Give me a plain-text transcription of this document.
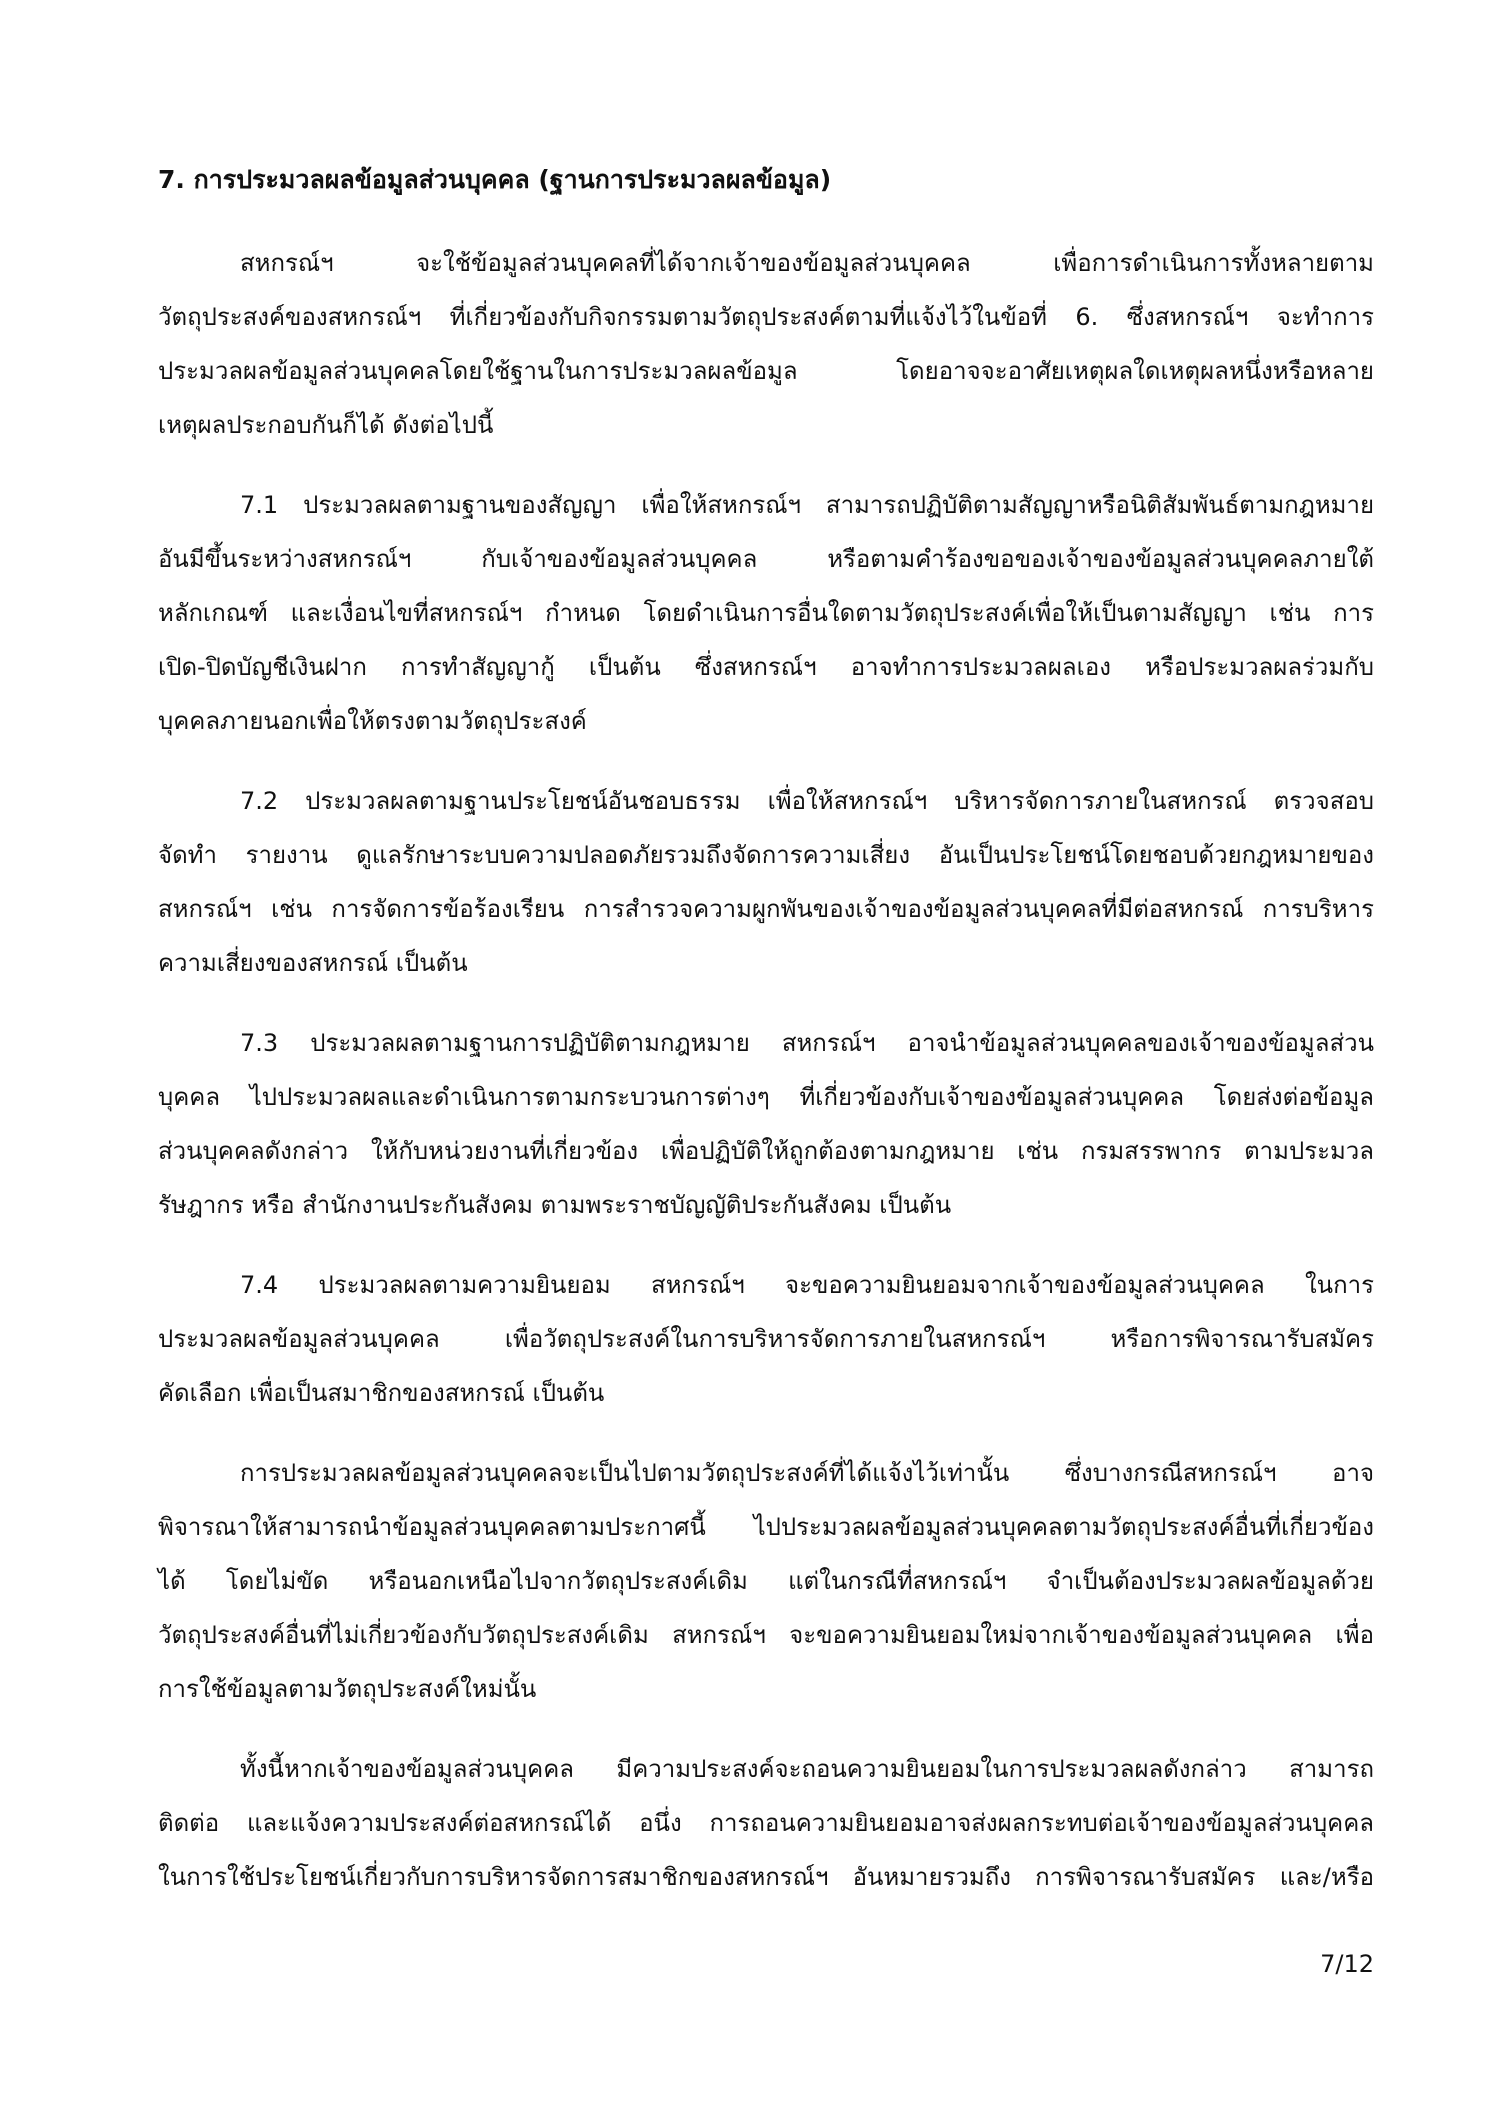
7. การประมวลผลข้อมูลส่วนบุคคล (ฐานการประมวลผลข้อมูล)
สหกรณ์ฯ จะใช้ข้อมูลส่วนบุคคลที่ได้จากเจ้าของข้อมูลส่วนบุคคล เพื่อการดำเนินการทั้งหลายตาม
วัตถุประสงค์ของสหกรณ์ฯ ที่เกี่ยวข้องกับกิจกรรมตามวัตถุประสงค์ตามที่แจ้งไว้ในข้อที่ 6. ซึ่งสหกรณ์ฯ จะทำการ
ประมวลผลข้อมูลส่วนบุคคลโดยใช้ฐานในการประมวลผลข้อมูล โดยอาจจะอาศัยเหตุผลใดเหตุผลหนึ่งหรือหลาย
เหตุผลประกอบกันก็ได้ ดังต่อไปนี้
7.1 ประมวลผลตามฐานของสัญญา เพื่อให้สหกรณ์ฯ สามารถปฏิบัติตามสัญญาหรือนิติสัมพันธ์ตามกฎหมาย
อันมีขึ้นระหว่างสหกรณ์ฯ กับเจ้าของข้อมูลส่วนบุคคล หรือตามคำร้องขอของเจ้าของข้อมูลส่วนบุคคลภายใต้
หลักเกณฑ์ และเงื่อนไขที่สหกรณ์ฯ กำหนด โดยดำเนินการอื่นใดตามวัตถุประสงค์เพื่อให้เป็นตามสัญญา เช่น การ
เปิด-ปิดบัญชีเงินฝาก การทำสัญญากู้ เป็นต้น ซึ่งสหกรณ์ฯ อาจทำการประมวลผลเอง หรือประมวลผลร่วมกับ
บุคคลภายนอกเพื่อให้ตรงตามวัตถุประสงค์
7.2 ประมวลผลตามฐานประโยชน์อันชอบธรรม เพื่อให้สหกรณ์ฯ บริหารจัดการภายในสหกรณ์ ตรวจสอบ
จัดทำ รายงาน ดูแลรักษาระบบความปลอดภัยรวมถึงจัดการความเสี่ยง อันเป็นประโยชน์โดยชอบด้วยกฎหมายของ
สหกรณ์ฯ เช่น การจัดการข้อร้องเรียน การสำรวจความผูกพันของเจ้าของข้อมูลส่วนบุคคลที่มีต่อสหกรณ์ การบริหาร
ความเสี่ยงของสหกรณ์ เป็นต้น
7.3 ประมวลผลตามฐานการปฏิบัติตามกฎหมาย สหกรณ์ฯ อาจนำข้อมูลส่วนบุคคลของเจ้าของข้อมูลส่วน
บุคคล ไปประมวลผลและดำเนินการตามกระบวนการต่างๆ ที่เกี่ยวข้องกับเจ้าของข้อมูลส่วนบุคคล โดยส่งต่อข้อมูล
ส่วนบุคคลดังกล่าว ให้กับหน่วยงานที่เกี่ยวข้อง เพื่อปฏิบัติให้ถูกต้องตามกฎหมาย เช่น กรมสรรพากร ตามประมวล
รัษฎากร หรือ สำนักงานประกันสังคม ตามพระราชบัญญัติประกันสังคม เป็นต้น
7.4 ประมวลผลตามความยินยอม สหกรณ์ฯ จะขอความยินยอมจากเจ้าของข้อมูลส่วนบุคคล ในการ
ประมวลผลข้อมูลส่วนบุคคล เพื่อวัตถุประสงค์ในการบริหารจัดการภายในสหกรณ์ฯ หรือการพิจารณารับสมัคร
คัดเลือก เพื่อเป็นสมาชิกของสหกรณ์ เป็นต้น
การประมวลผลข้อมูลส่วนบุคคลจะเป็นไปตามวัตถุประสงค์ที่ได้แจ้งไว้เท่านั้น ซึ่งบางกรณีสหกรณ์ฯ อาจ
พิจารณาให้สามารถนำข้อมูลส่วนบุคคลตามประกาศนี้ ไปประมวลผลข้อมูลส่วนบุคคลตามวัตถุประสงค์อื่นที่เกี่ยวข้อง
ได้ โดยไม่ขัด หรือนอกเหนือไปจากวัตถุประสงค์เดิม แต่ในกรณีที่สหกรณ์ฯ จำเป็นต้องประมวลผลข้อมูลด้วย
วัตถุประสงค์อื่นที่ไม่เกี่ยวข้องกับวัตถุประสงค์เดิม สหกรณ์ฯ จะขอความยินยอมใหม่จากเจ้าของข้อมูลส่วนบุคคล เพื่อ
การใช้ข้อมูลตามวัตถุประสงค์ใหม่นั้น
ทั้งนี้หากเจ้าของข้อมูลส่วนบุคคล มีความประสงค์จะถอนความยินยอมในการประมวลผลดังกล่าว สามารถ
ติดต่อ และแจ้งความประสงค์ต่อสหกรณ์ได้ อนึ่ง การถอนความยินยอมอาจส่งผลกระทบต่อเจ้าของข้อมูลส่วนบุคคล
ในการใช้ประโยชน์เกี่ยวกับการบริหารจัดการสมาชิกของสหกรณ์ฯ อันหมายรวมถึง การพิจารณารับสมัคร และ/หรือ
7/12
